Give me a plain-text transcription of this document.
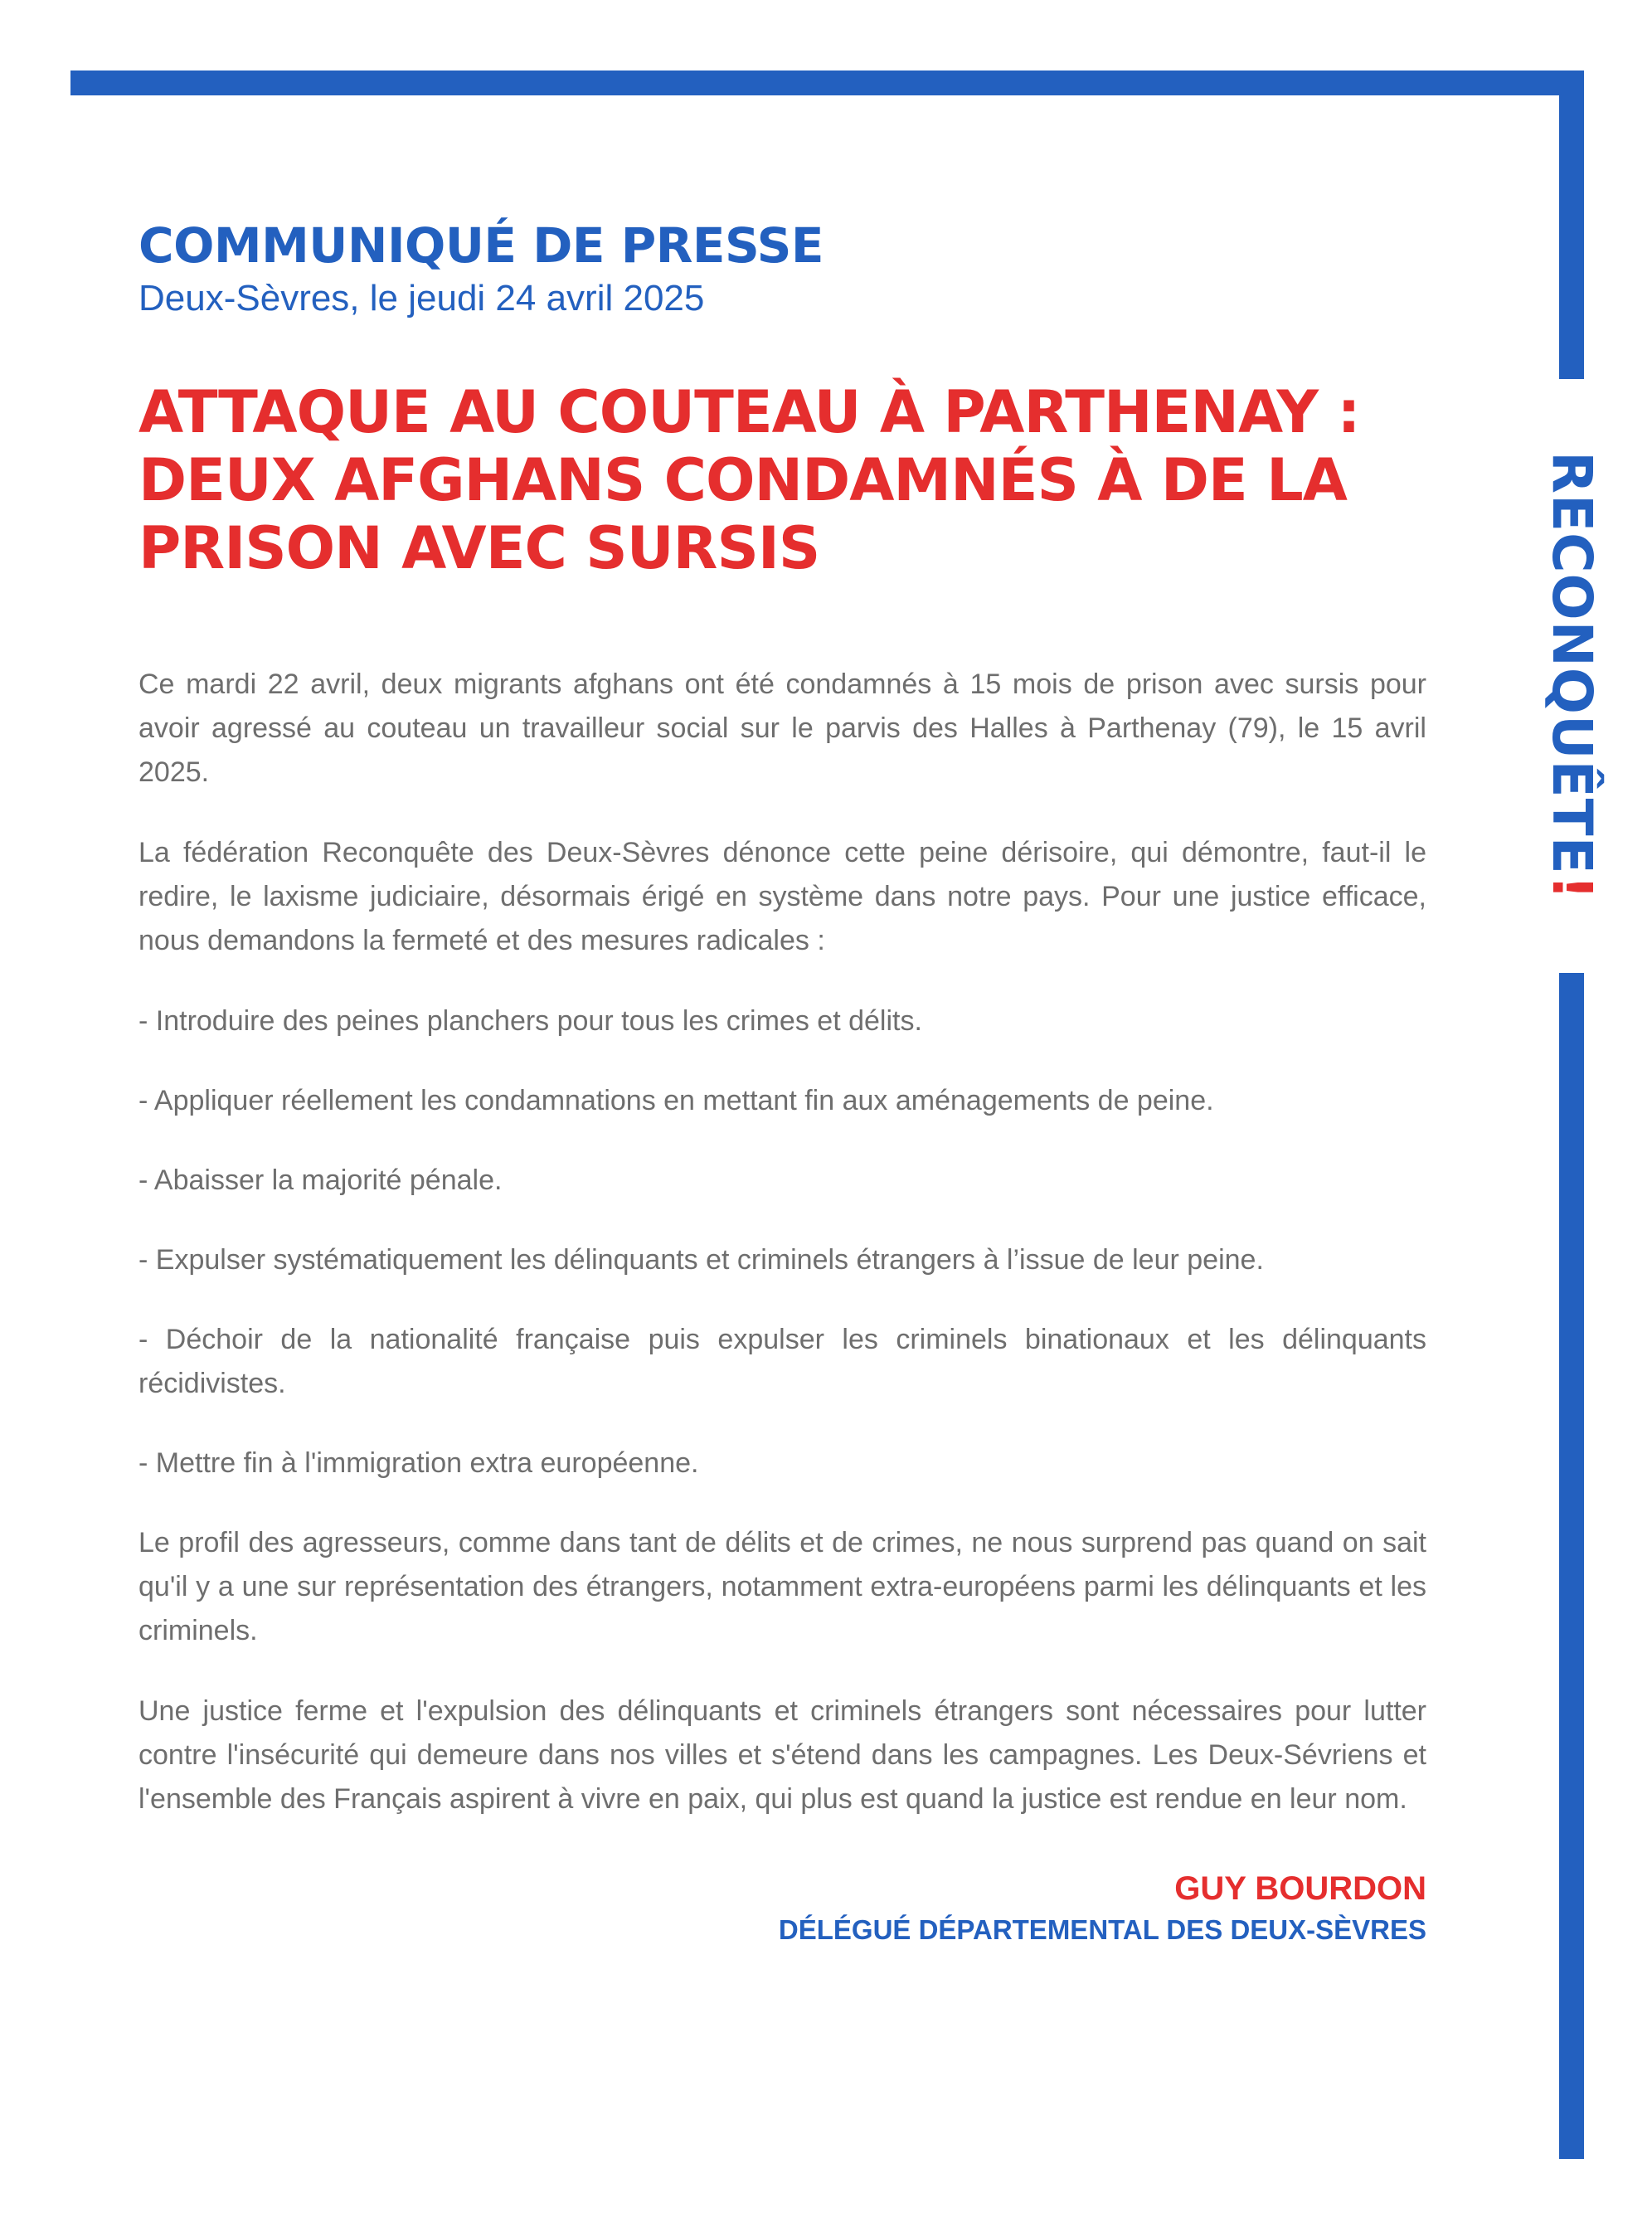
RECONQUÊTE!
COMMUNIQUÉ DE PRESSE
Deux-Sèvres, le jeudi 24 avril 2025
ATTAQUE AU COUTEAU À PARTHENAY : DEUX AFGHANS CONDAMNÉS À DE LA PRISON AVEC SURSIS

Ce mardi 22 avril, deux migrants afghans ont été condamnés à 15 mois de prison avec sursis pour avoir agressé au couteau un travailleur social sur le parvis des Halles à Parthenay (79), le 15 avril 2025.

La fédération Reconquête des Deux-Sèvres dénonce cette peine dérisoire, qui démontre, faut-il le redire, le laxisme judiciaire, désormais érigé en système dans notre pays. Pour une justice efficace, nous demandons la fermeté et des mesures radicales :

- Introduire des peines planchers pour tous les crimes et délits.

- Appliquer réellement les condamnations en mettant fin aux aménagements de peine.

- Abaisser la majorité pénale.

- Expulser systématiquement les délinquants et criminels étrangers à l’issue de leur peine.

- Déchoir de la nationalité française puis expulser les criminels binationaux et les délinquants récidivistes.

- Mettre fin à l'immigration extra européenne.

Le profil des agresseurs, comme dans tant de délits et de crimes, ne nous surprend pas quand on sait qu'il y a une sur représentation des étrangers, notamment extra-européens parmi les délinquants et les criminels.

Une justice ferme et l'expulsion des délinquants et criminels étrangers sont nécessaires pour lutter contre l'insécurité qui demeure dans nos villes et s'étend dans les campagnes. Les Deux-Sévriens et l'ensemble des Français aspirent à vivre en paix, qui plus est quand la justice est rendue en leur nom.

GUY BOURDON
DÉLÉGUÉ DÉPARTEMENTAL DES DEUX-SÈVRES
